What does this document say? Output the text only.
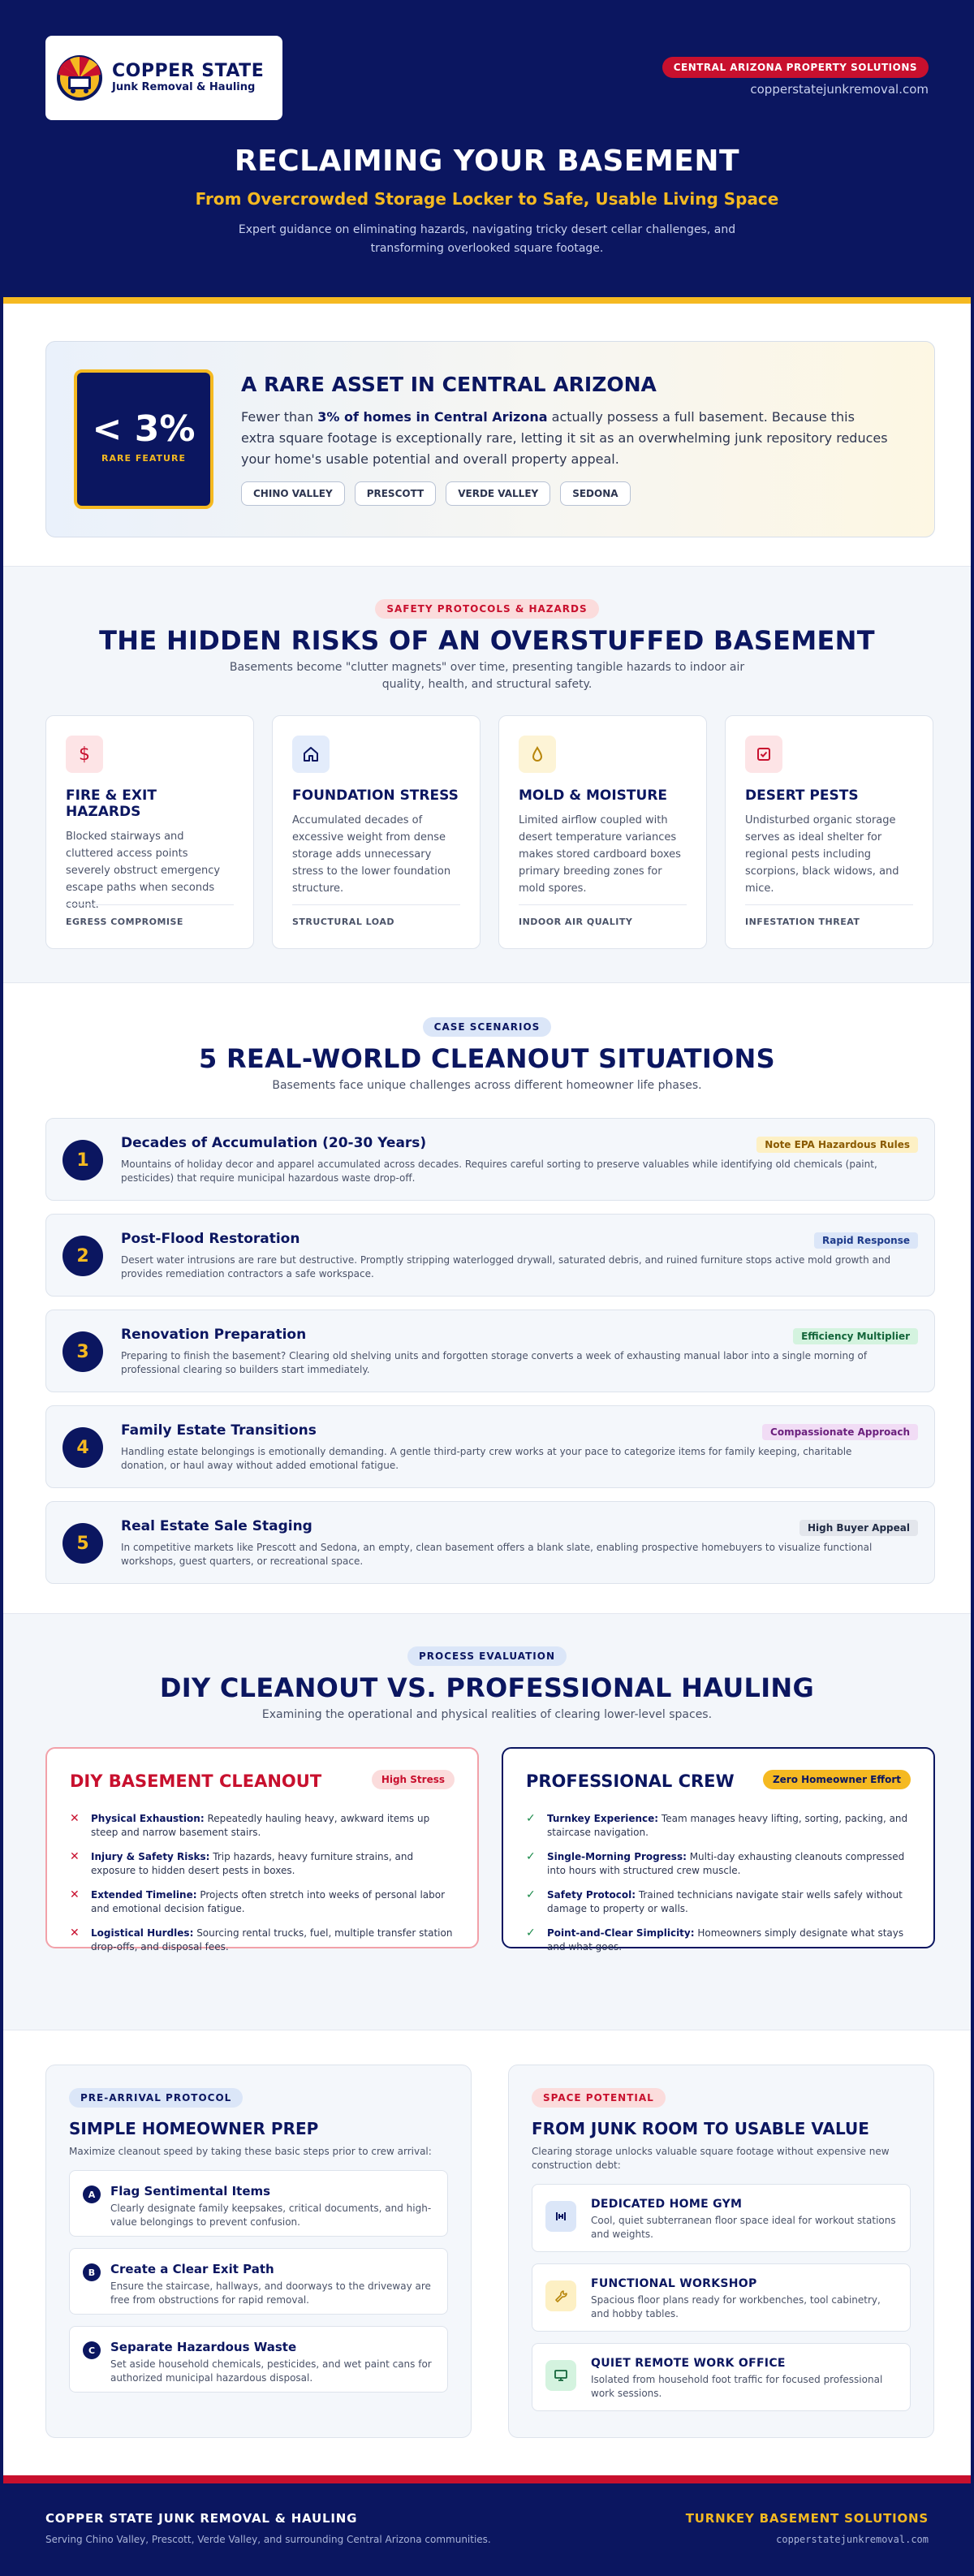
COPPER STATE
Junk Removal & Hauling
CENTRAL ARIZONA PROPERTY SOLUTIONS
copperstatejunkremoval.com
RECLAIMING YOUR BASEMENT
From Overcrowded Storage Locker to Safe, Usable Living Space
Expert guidance on eliminating hazards, navigating tricky desert cellar challenges, and transforming overlooked square footage.
< 3%
RARE FEATURE
A RARE ASSET IN CENTRAL ARIZONA
Fewer than 3% of homes in Central Arizona actually possess a full basement. Because this extra square footage is exceptionally rare, letting it sit as an overwhelming junk repository reduces your home's usable potential and overall property appeal.
CHINO VALLEY	PRESCOTT	VERDE VALLEY	SEDONA
SAFETY PROTOCOLS & HAZARDS
THE HIDDEN RISKS OF AN OVERSTUFFED BASEMENT
Basements become "clutter magnets" over time, presenting tangible hazards to indoor air quality, health, and structural safety.
$
FIRE & EXIT HAZARDS
Blocked stairways and cluttered access points severely obstruct emergency escape paths when seconds count.
EGRESS COMPROMISE
FOUNDATION STRESS
Accumulated decades of excessive weight from dense storage adds unnecessary stress to the lower foundation structure.
STRUCTURAL LOAD
MOLD & MOISTURE
Limited airflow coupled with desert temperature variances makes stored cardboard boxes primary breeding zones for mold spores.
INDOOR AIR QUALITY
DESERT PESTS
Undisturbed organic storage serves as ideal shelter for regional pests including scorpions, black widows, and mice.
INFESTATION THREAT
CASE SCENARIOS
5 REAL-WORLD CLEANOUT SITUATIONS
Basements face unique challenges across different homeowner life phases.
1
Decades of Accumulation (20-30 Years)
Mountains of holiday decor and apparel accumulated across decades. Requires careful sorting to preserve valuables while identifying old chemicals (paint, pesticides) that require municipal hazardous waste drop-off.
Note EPA Hazardous Rules
2
Post-Flood Restoration
Desert water intrusions are rare but destructive. Promptly stripping waterlogged drywall, saturated debris, and ruined furniture stops active mold growth and provides remediation contractors a safe workspace.
Rapid Response
3
Renovation Preparation
Preparing to finish the basement? Clearing old shelving units and forgotten storage converts a week of exhausting manual labor into a single morning of professional clearing so builders start immediately.
Efficiency Multiplier
4
Family Estate Transitions
Handling estate belongings is emotionally demanding. A gentle third-party crew works at your pace to categorize items for family keeping, charitable donation, or haul away without added emotional fatigue.
Compassionate Approach
5
Real Estate Sale Staging
In competitive markets like Prescott and Sedona, an empty, clean basement offers a blank slate, enabling prospective homebuyers to visualize functional workshops, guest quarters, or recreational space.
High Buyer Appeal
PROCESS EVALUATION
DIY CLEANOUT VS. PROFESSIONAL HAULING
Examining the operational and physical realities of clearing lower-level spaces.
DIY BASEMENT CLEANOUT	High Stress
✕	Physical Exhaustion: Repeatedly hauling heavy, awkward items up steep and narrow basement stairs.
✕	Injury & Safety Risks: Trip hazards, heavy furniture strains, and exposure to hidden desert pests in boxes.
✕	Extended Timeline: Projects often stretch into weeks of personal labor and emotional decision fatigue.
✕	Logistical Hurdles: Sourcing rental trucks, fuel, multiple transfer station drop-offs, and disposal fees.
PROFESSIONAL CREW	Zero Homeowner Effort
✓	Turnkey Experience: Team manages heavy lifting, sorting, packing, and staircase navigation.
✓	Single-Morning Progress: Multi-day exhausting cleanouts compressed into hours with structured crew muscle.
✓	Safety Protocol: Trained technicians navigate stair wells safely without damage to property or walls.
✓	Point-and-Clear Simplicity: Homeowners simply designate what stays and what goes.
PRE-ARRIVAL PROTOCOL
SIMPLE HOMEOWNER PREP
Maximize cleanout speed by taking these basic steps prior to crew arrival:
A	Flag Sentimental Items
Clearly designate family keepsakes, critical documents, and high-value belongings to prevent confusion.
B	Create a Clear Exit Path
Ensure the staircase, hallways, and doorways to the driveway are free from obstructions for rapid removal.
C	Separate Hazardous Waste
Set aside household chemicals, pesticides, and wet paint cans for authorized municipal hazardous disposal.
SPACE POTENTIAL
FROM JUNK ROOM TO USABLE VALUE
Clearing storage unlocks valuable square footage without expensive new construction debt:
DEDICATED HOME GYM
Cool, quiet subterranean floor space ideal for workout stations and weights.
FUNCTIONAL WORKSHOP
Spacious floor plans ready for workbenches, tool cabinetry, and hobby tables.
QUIET REMOTE WORK OFFICE
Isolated from household foot traffic for focused professional work sessions.
COPPER STATE JUNK REMOVAL & HAULING
Serving Chino Valley, Prescott, Verde Valley, and surrounding Central Arizona communities.
TURNKEY BASEMENT SOLUTIONS
copperstatejunkremoval.com
